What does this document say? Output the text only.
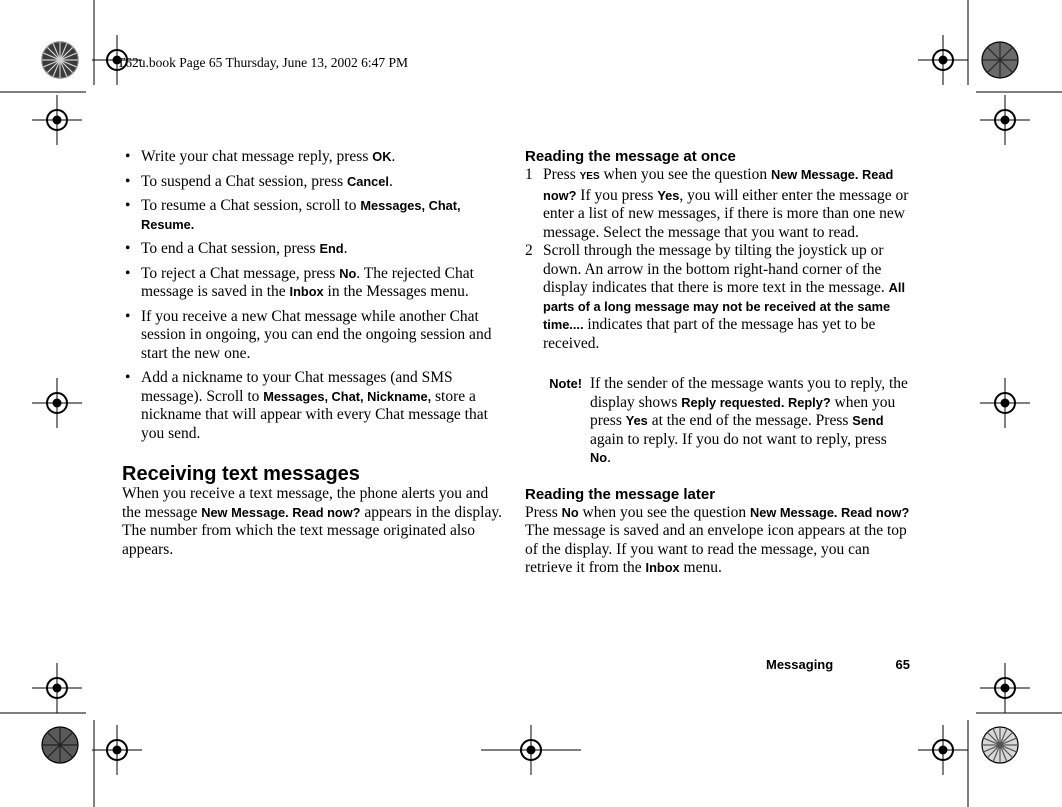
T62u.book Page 65 Thursday, June 13, 2002 6:47 PM
• Write your chat message reply, press OK.
• To suspend a Chat session, press Cancel.
• To resume a Chat session, scroll to Messages, Chat, Resume.
• To end a Chat session, press End.
• To reject a Chat message, press No. The rejected Chat message is saved in the Inbox in the Messages menu.
• If you receive a new Chat message while another Chat session in ongoing, you can end the ongoing session and start the new one.
• Add a nickname to your Chat messages (and SMS message). Scroll to Messages, Chat, Nickname, store a nickname that will appear with every Chat message that you send.
Receiving text messages

When you receive a text message, the phone alerts you and the message New Message. Read now? appears in the display. The number from which the text message originated also appears.

Reading the message at once
1 Press YES when you see the question New Message. Read now? If you press Yes, you will either enter the message or enter a list of new messages, if there is more than one new message. Select the message that you want to read.
2 Scroll through the message by tilting the joystick up or down. An arrow in the bottom right-hand corner of the display indicates that there is more text in the message. All parts of a long message may not be received at the same time.... indicates that part of the message has yet to be received.
Note! If the sender of the message wants you to reply, the display shows Reply requested. Reply? when you press Yes at the end of the message. Press Send again to reply. If you do not want to reply, press No.
Reading the message later

Press No when you see the question New Message. Read now?

The message is saved and an envelope icon appears at the top of the display. If you want to read the message, you can retrieve it from the Inbox menu.

Messaging	65
